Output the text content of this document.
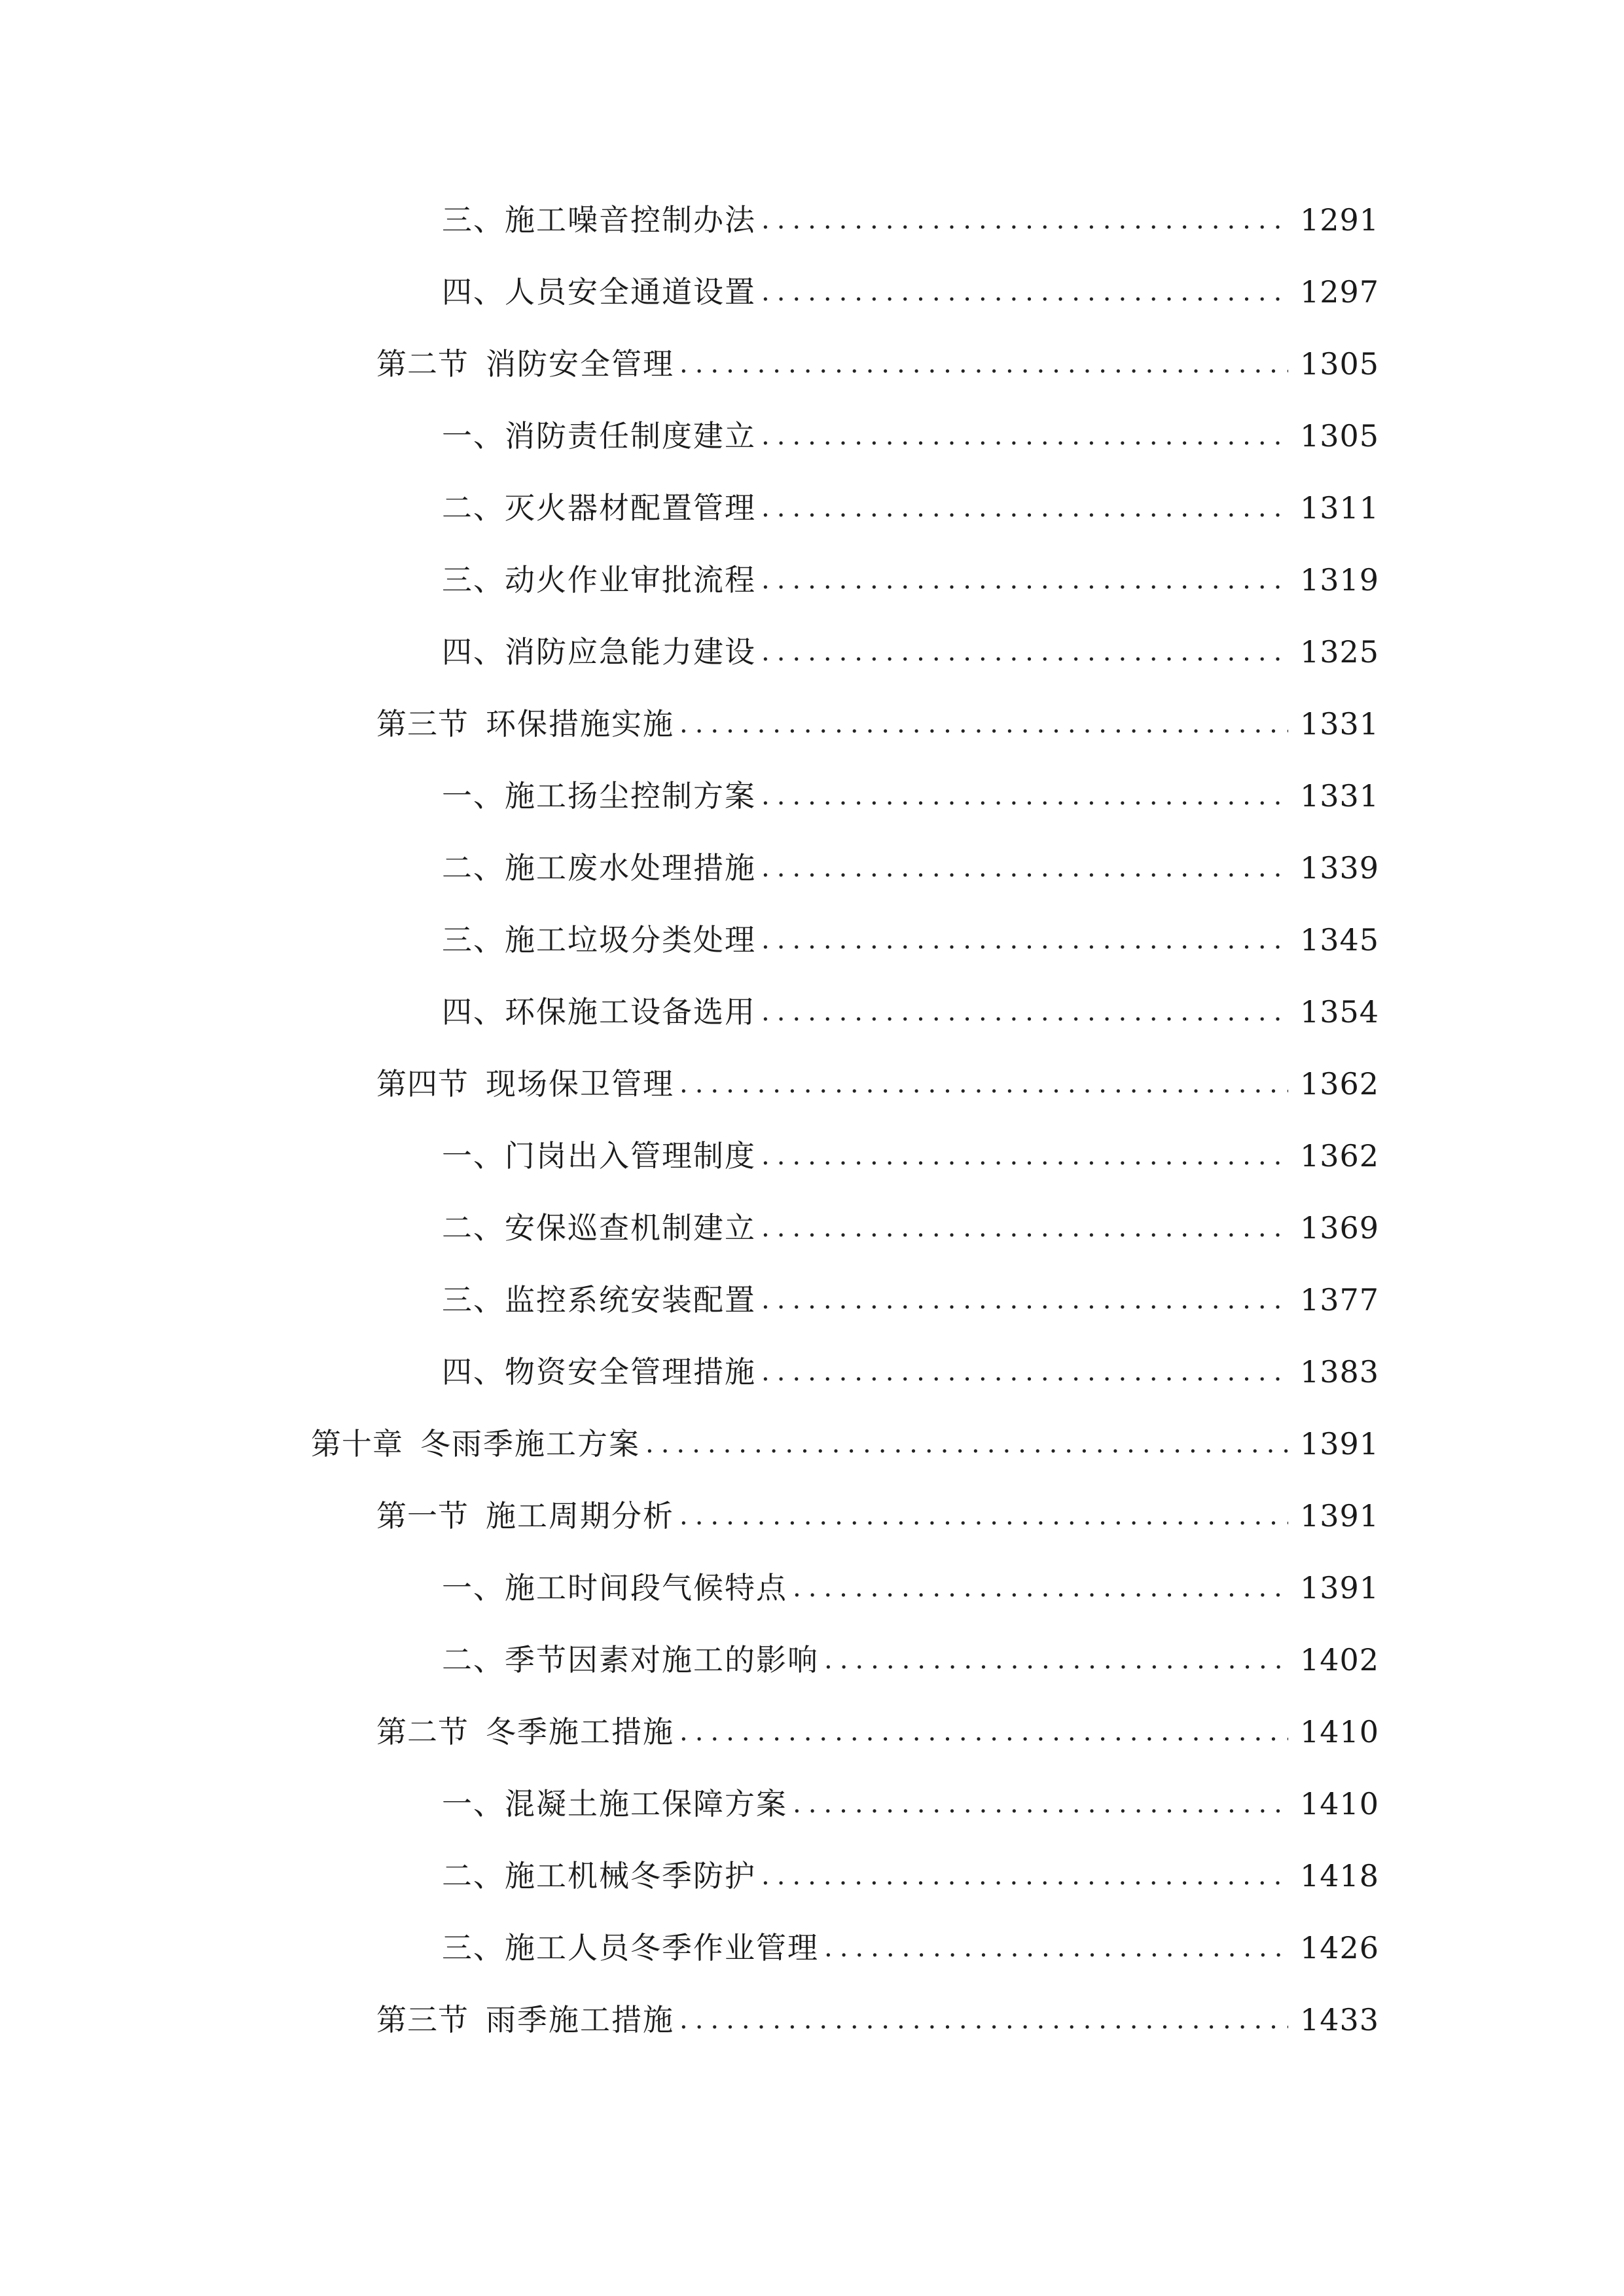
三、 施工噪音控制办法 .....	1291
四、 人员安全通道设置 .....	1297
第二节 消防安全管理 .....	1305
一、 消防责任制度建立 .....	1305
二、 灭火器材配置管理 .....	1311
三、 动火作业审批流程 .....	1319
四、 消防应急能力建设 .....	1325
第三节 环保措施实施 .....	1331
一、 施工扬尘控制方案 .....	1331
二、 施工废水处理措施 .....	1339
三、 施工垃圾分类处理 .....	1345
四、 环保施工设备选用 .....	1354
第四节 现场保卫管理 .....	1362
一、 门岗出入管理制度 .....	1362
二、 安保巡查机制建立 .....	1369
三、 监控系统安装配置 .....	1377
四、 物资安全管理措施 .....	1383
第十章 冬雨季施工方案 .....	1391
第一节 施工周期分析 .....	1391
一、 施工时间段气候特点 .....	1391
二、 季节因素对施工的影响 .....	1402
第二节 冬季施工措施 .....	1410
一、 混凝土施工保障方案 .....	1410
二、 施工机械冬季防护 .....	1418
三、 施工人员冬季作业管理 .....	1426
第三节 雨季施工措施 .....	1433
